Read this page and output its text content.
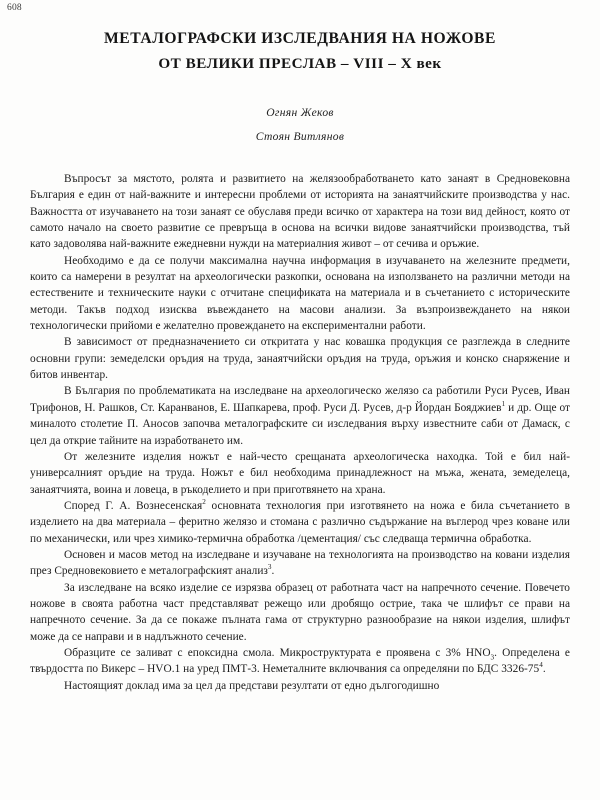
608
МЕТАЛОГРАФСКИ ИЗСЛЕДВАНИЯ НА НОЖОВЕ
ОТ ВЕЛИКИ ПРЕСЛАВ – VIII – X век
Огнян Жеков
Стоян Витлянов

Въпросът за мястото, ролята и развитието на желязообработването като занаят в Средновековна България е един от най-важните и интересни проблеми от историята на занаятчийските производства у нас. Важността от изучаването на този занаят се обуславя преди всичко от характера на този вид дейност, която от самото начало на своето развитие се превръща в основа на всички видове занаятчийски производства, тъй като задоволява най-важните ежедневни нужди на материалния живот – от сечива и оръжие.

Необходимо е да се получи максимална научна информация в изучаването на железните предмети, които са намерени в резултат на археологически разкопки, основана на използването на различни методи на естествените и техническите науки с отчитане спецификата на материала и в съчетанието с историческите методи. Такъв подход изисква въвеждането на масови анализи. За възпроизвеждането на някои технологически прийоми е желателно провеждането на експериментални работи.

В зависимост от предназначението си откритата у нас ковашка продукция се разглежда в следните основни групи: земеделски оръдия на труда, занаятчийски оръдия на труда, оръжия и конско снаряжение и битов инвентар.

В България по проблематиката на изследване на археологическо желязо са работили Руси Русев, Иван Трифонов, Н. Рашков, Ст. Каранванов, Е. Шапкарева, проф. Руси Д. Русев, д-р Йордан Бояджиев$^1$ и др. Още от миналото столетие П. Аносов започва металографските си изследвания върху известните саби от Дамаск, с цел да открие тайните на изработването им.

От железните изделия ножът е най-често срещаната археологическа находка. Той е бил най-универсалният оръдие на труда. Ножът е бил необходима принадлежност на мъжа, жената, земеделеца, занаятчията, воина и ловеца, в ръкоделието и при приготвянето на храна.

Според Г. А. Вознесенская$^2$ основната технология при изготвянето на ножа е била съчетанието в изделието на два материала – феритно желязо и стомана с различно съдържание на въглерод чрез коване или по механически, или чрез химико-термична обработка /цементация/ със следваща термична обработка.

Основен и масов метод на изследване и изучаване на технологията на производство на ковани изделия през Средновековието е металографският анализ$^3$.

За изследване на всяко изделие се изрязва образец от работната част на напречното сечение. Повечето ножове в своята работна част представляват режещо или дробящо острие, така че шлифът се прави на напречното сечение. За да се покаже пълната гама от структурно разнообразие на някои изделия, шлифът може да се направи и в надлъжното сечение.

Образците се заливат с епоксидна смола. Микроструктурата е проявена с 3% $HNO_3$. Определена е твърдостта по Викерс – HVO.1 на уред ПМТ-3. Неметалните включвания са определяни по БДС $3326-75^4$.

Настоящият доклад има за цел да представи резултати от едно дългогодишно
